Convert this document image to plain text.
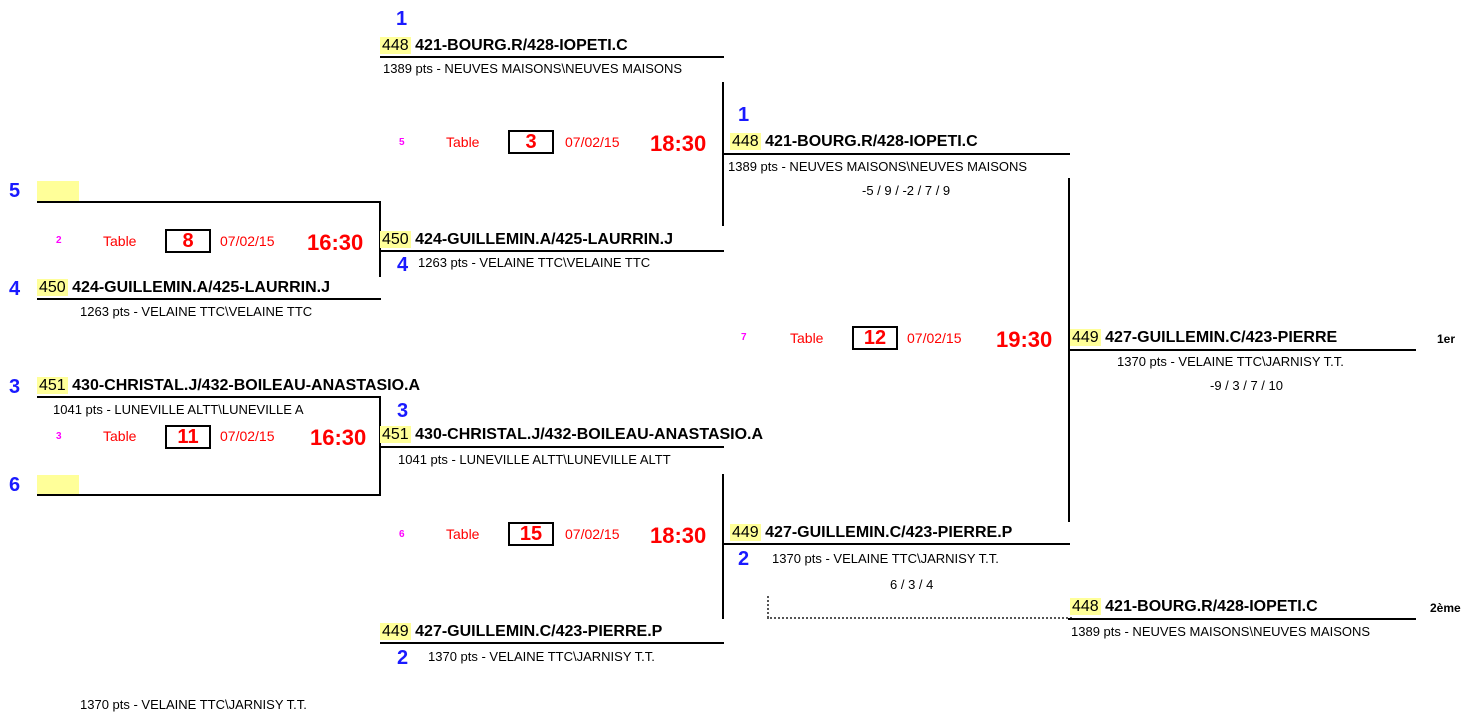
1
448 421-BOURG.R/428-IOPETI.C
1389 pts - NEUVES MAISONS\NEUVES MAISONS
5	Table	3	07/02/15 18:30
1
448 421-BOURG.R/428-IOPETI.C
1389 pts - NEUVES MAISONS\NEUVES MAISONS
-5 / 9 / -2 / 7 / 9
5
2	Table	8	07/02/15 16:30 450 424-GUILLEMIN.A/425-LAURRIN.J
4 1263 pts - VELAINE TTC\VELAINE TTC
4 450 424-GUILLEMIN.A/425-LAURRIN.J
1263 pts - VELAINE TTC\VELAINE TTC
7	Table	12	07/02/15 19:30 449 427-GUILLEMIN.C/423-PIERRE	1er
1370 pts - VELAINE TTC\JARNISY T.T.
-9 / 3 / 7 / 10
3 451 430-CHRISTAL.J/432-BOILEAU-ANASTASIO.A
1041 pts - LUNEVILLE ALTT\LUNEVILLE A
3	Table	11	07/02/15 16:30
3
451 430-CHRISTAL.J/432-BOILEAU-ANASTASIO.A
1041 pts - LUNEVILLE ALTT\LUNEVILLE ALTT
6
6	Table	15	07/02/15 18:30 449 427-GUILLEMIN.C/423-PIERRE.P
2 1370 pts - VELAINE TTC\JARNISY T.T.
6 / 3 / 4
448 421-BOURG.R/428-IOPETI.C	2ème
1389 pts - NEUVES MAISONS\NEUVES MAISONS
449 427-GUILLEMIN.C/423-PIERRE.P
2 1370 pts - VELAINE TTC\JARNISY T.T.
1370 pts - VELAINE TTC\JARNISY T.T.
